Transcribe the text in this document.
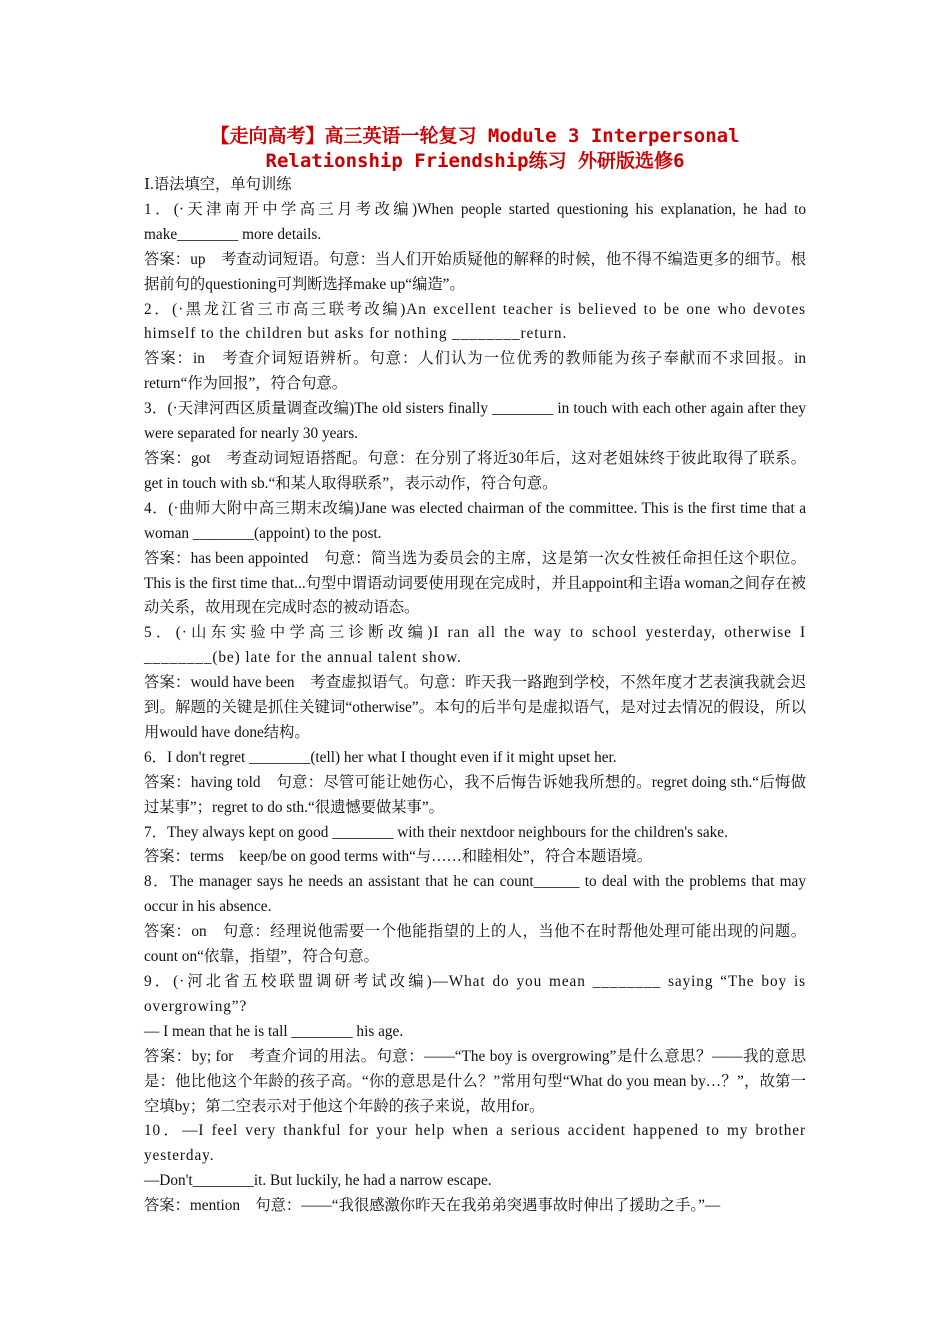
【走向高考】高三英语一轮复习 Module 3 Interpersonal
Relationship Friendship练习 外研版选修6

Ⅰ.语法填空，单句训练

1．(·天津南开中学高三月考改编)When people started questioning his explanation, he had to make________ more details.

答案：up　考查动词短语。句意：当人们开始质疑他的解释的时候，他不得不编造更多的细节。根据前句的questioning可判断选择make up“编造”。

2．(·黑龙江省三市高三联考改编)An excellent teacher is believed to be one who devotes himself to the children but asks for nothing ________return.

答案：in　考查介词短语辨析。句意：人们认为一位优秀的教师能为孩子奉献而不求回报。in return“作为回报”，符合句意。

3．(·天津河西区质量调查改编)The old sisters finally ________ in touch with each other again after they were separated for nearly 30 years.

答案：got　考查动词短语搭配。句意：在分别了将近30年后，这对老姐妹终于彼此取得了联系。get in touch with sb.“和某人取得联系”，表示动作，符合句意。

4．(·曲师大附中高三期末改编)Jane was elected chairman of the committee. This is the first time that a woman ________(appoint) to the post.

答案：has been appointed　句意：简当选为委员会的主席，这是第一次女性被任命担任这个职位。This is the first time that...句型中谓语动词要使用现在完成时，并且appoint和主语a woman之间存在被动关系，故用现在完成时态的被动语态。

5．(·山东实验中学高三诊断改编)I ran all the way to school yesterday, otherwise I ________(be) late for the annual talent show.

答案：would have been　考查虚拟语气。句意：昨天我一路跑到学校，不然年度才艺表演我就会迟到。解题的关键是抓住关键词“otherwise”。本句的后半句是虚拟语气，是对过去情况的假设，所以用would have done结构。

6．I don't regret ________(tell) her what I thought even if it might upset her.

答案：having told　句意：尽管可能让她伤心，我不后悔告诉她我所想的。regret doing sth.“后悔做过某事”；regret to do sth.“很遗憾要做某事”。

7．They always kept on good ________ with their nextdoor neighbours for the children's sake.

答案：terms　keep/be on good terms with“与……和睦相处”，符合本题语境。

8．The manager says he needs an assistant that he can count______ to deal with the problems that may occur in his absence.

答案：on　句意：经理说他需要一个他能指望的上的人，当他不在时帮他处理可能出现的问题。count on“依靠，指望”，符合句意。

9．(·河北省五校联盟调研考试改编)—What do you mean ________ saying “The boy is overgrowing”?

— I mean that he is tall ________ his age.

答案：by; for　考查介词的用法。句意：——“The boy is overgrowing”是什么意思？——我的意思是：他比他这个年龄的孩子高。“你的意思是什么？”常用句型“What do you mean by…？”，故第一空填by；第二空表示对于他这个年龄的孩子来说，故用for。

10．—I feel very thankful for your help when a serious accident happened to my brother yesterday.

—Don't________it. But luckily, he had a narrow escape.

答案：mention　句意：——“我很感激你昨天在我弟弟突遇事故时伸出了援助之手。”—
